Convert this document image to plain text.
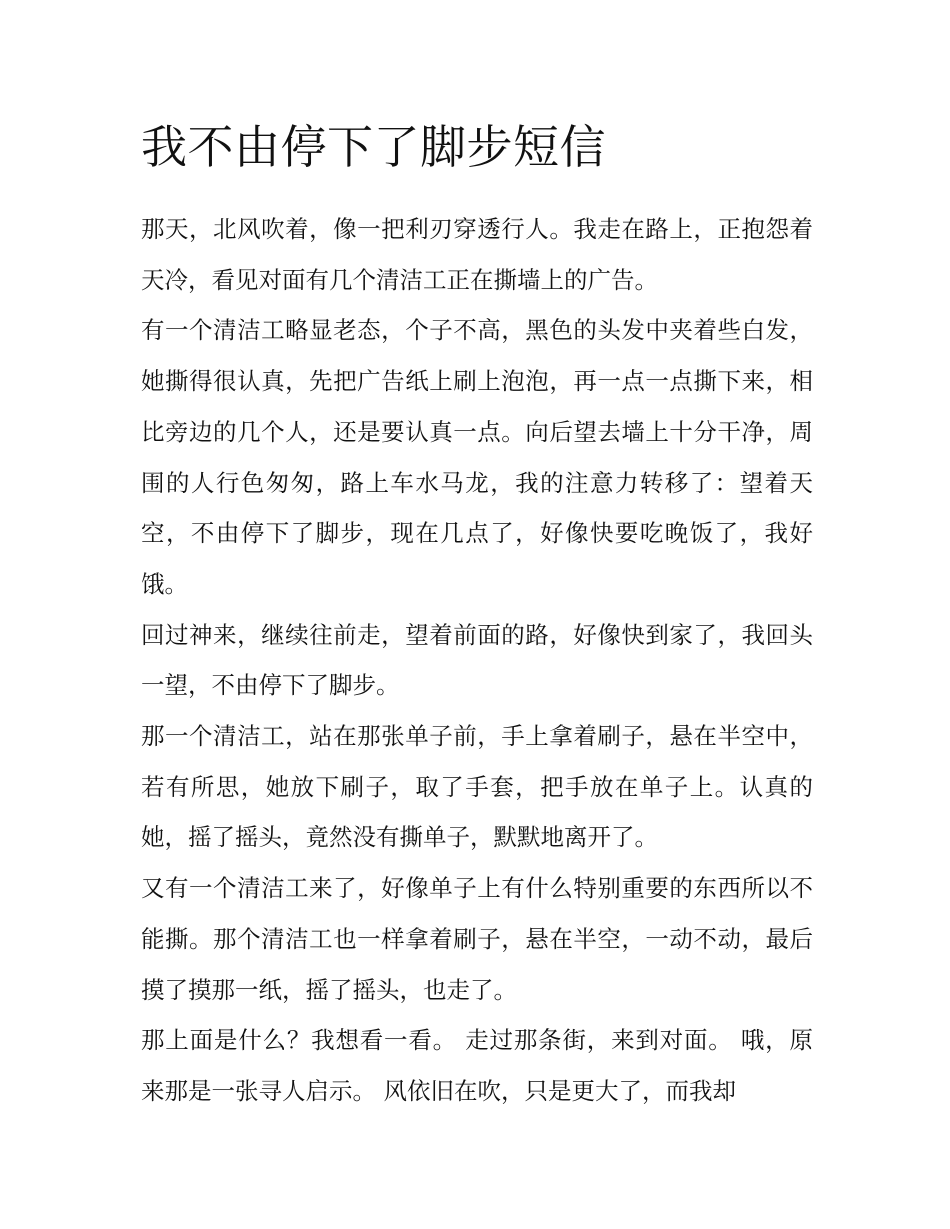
我不由停下了脚步短信

那天，北风吹着，像一把利刃穿透行人。我走在路上，正抱怨着天冷，看见对面有几个清洁工正在撕墙上的广告。

有一个清洁工略显老态，个子不高，黑色的头发中夹着些白发，她撕得很认真，先把广告纸上刷上泡泡，再一点一点撕下来，相比旁边的几个人，还是要认真一点。向后望去墙上十分干净，周围的人行色匆匆，路上车水马龙，我的注意力转移了：望着天空，不由停下了脚步，现在几点了，好像快要吃晚饭了，我好饿。

回过神来，继续往前走，望着前面的路，好像快到家了，我回头一望，不由停下了脚步。

那一个清洁工，站在那张单子前，手上拿着刷子，悬在半空中，若有所思，她放下刷子，取了手套，把手放在单子上。认真的她，摇了摇头，竟然没有撕单子，默默地离开了。

又有一个清洁工来了，好像单子上有什么特别重要的东西所以不能撕。那个清洁工也一样拿着刷子，悬在半空，一动不动，最后摸了摸那一纸，摇了摇头，也走了。

那上面是什么？我想看一看。 走过那条街，来到对面。 哦，原来那是一张寻人启示。 风依旧在吹，只是更大了，而我却
